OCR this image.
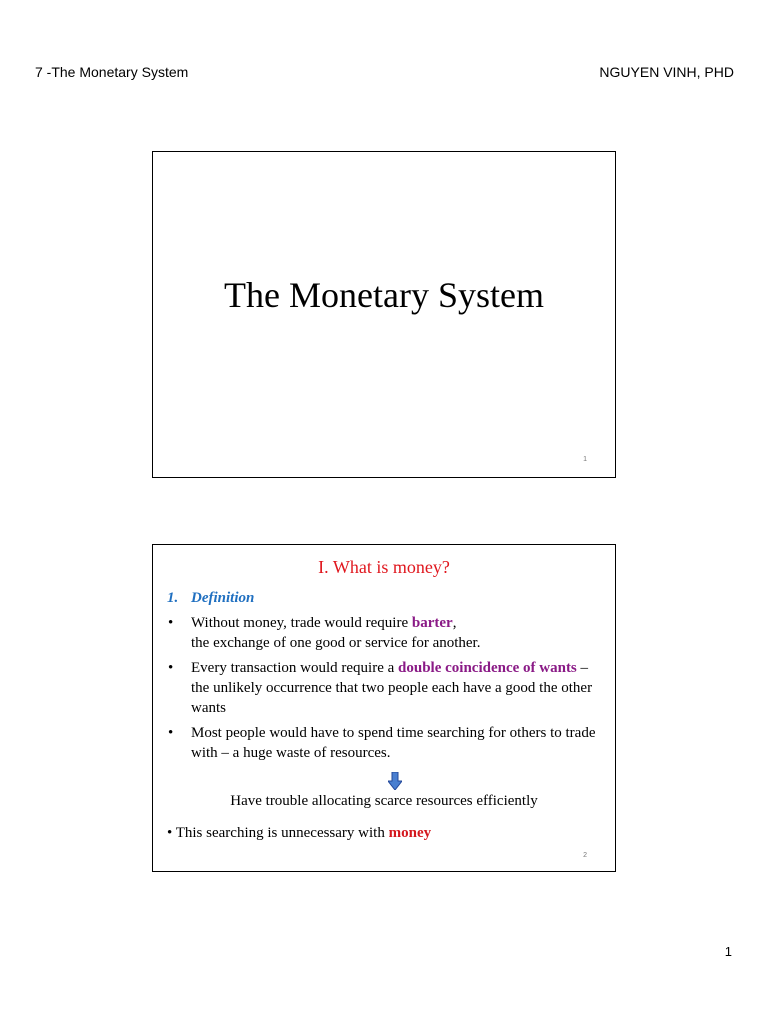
7 -The Monetary System	NGUYEN VINH, PHD
The Monetary System
1
I. What is money?
1. Definition
• Without money, trade would require barter,
the exchange of one good or service for another.
• Every transaction would require a double coincidence of wants – the unlikely occurrence that two people each have a good the other wants
• Most people would have to spend time searching for others to trade with – a huge waste of resources.
Have trouble allocating scarce resources efficiently
• This searching is unnecessary with money
2
1
